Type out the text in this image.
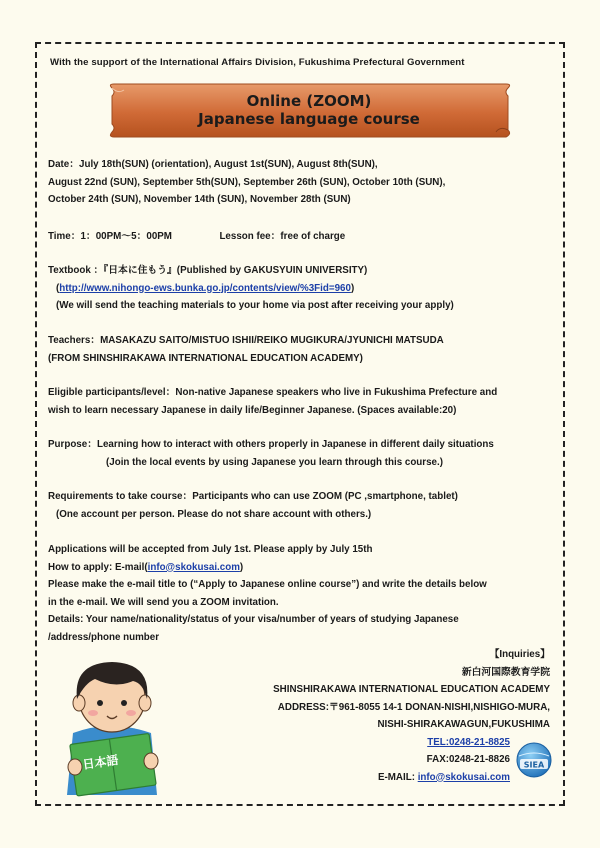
With the support of the International Affairs Division, Fukushima Prefectural Government
Online (ZOOM)
Japanese language course
Date：July 18th(SUN) (orientation), August 1st(SUN), August 8th(SUN),
August 22nd (SUN), September 5th(SUN), September 26th (SUN), October 10th (SUN),
October 24th (SUN), November 14th (SUN), November 28th (SUN)
Time：1：00PM～5：00PM	Lesson fee：free of charge
Textbook ：『日本に住もう』(Published by GAKUSYUIN UNIVERSITY)
(http://www.nihongo-ews.bunka.go.jp/contents/view/%3Fid=960)
(We will send the teaching materials to your home via post after receiving your apply)
Teachers：MASAKAZU SAITO/MISTUO ISHII/REIKO MUGIKURA/JYUNICHI MATSUDA
(FROM SHINSHIRAKAWA INTERNATIONAL EDUCATION ACADEMY)
Eligible participants/level：Non-native Japanese speakers who live in Fukushima Prefecture and
wish to learn necessary Japanese in daily life/Beginner Japanese. (Spaces available:20)
Purpose：Learning how to interact with others properly in Japanese in different daily situations
(Join the local events by using Japanese you learn through this course.)
Requirements to take course：Participants who can use ZOOM (PC ,smartphone, tablet)
(One account per person. Please do not share account with others.)
Applications will be accepted from July 1st. Please apply by July 15th
How to apply: E-mail(info@skokusai.com)
Please make the e-mail title to (“Apply to Japanese online course”) and write the details below
in the e-mail. We will send you a ZOOM invitation.
Details: Your name/nationality/status of your visa/number of years of studying Japanese
/address/phone number
【Inquiries】
新白河国際教育学院
SHINSHIRAKAWA INTERNATIONAL EDUCATION ACADEMY
ADDRESS:〒961-8055 14-1 DONAN-NISHI,NISHIGO-MURA,
NISHI-SHIRAKAWAGUN,FUKUSHIMA
TEL:0248-21-8825
FAX:0248-21-8826
E-MAIL: info@skokusai.com
日本語	SIEA
